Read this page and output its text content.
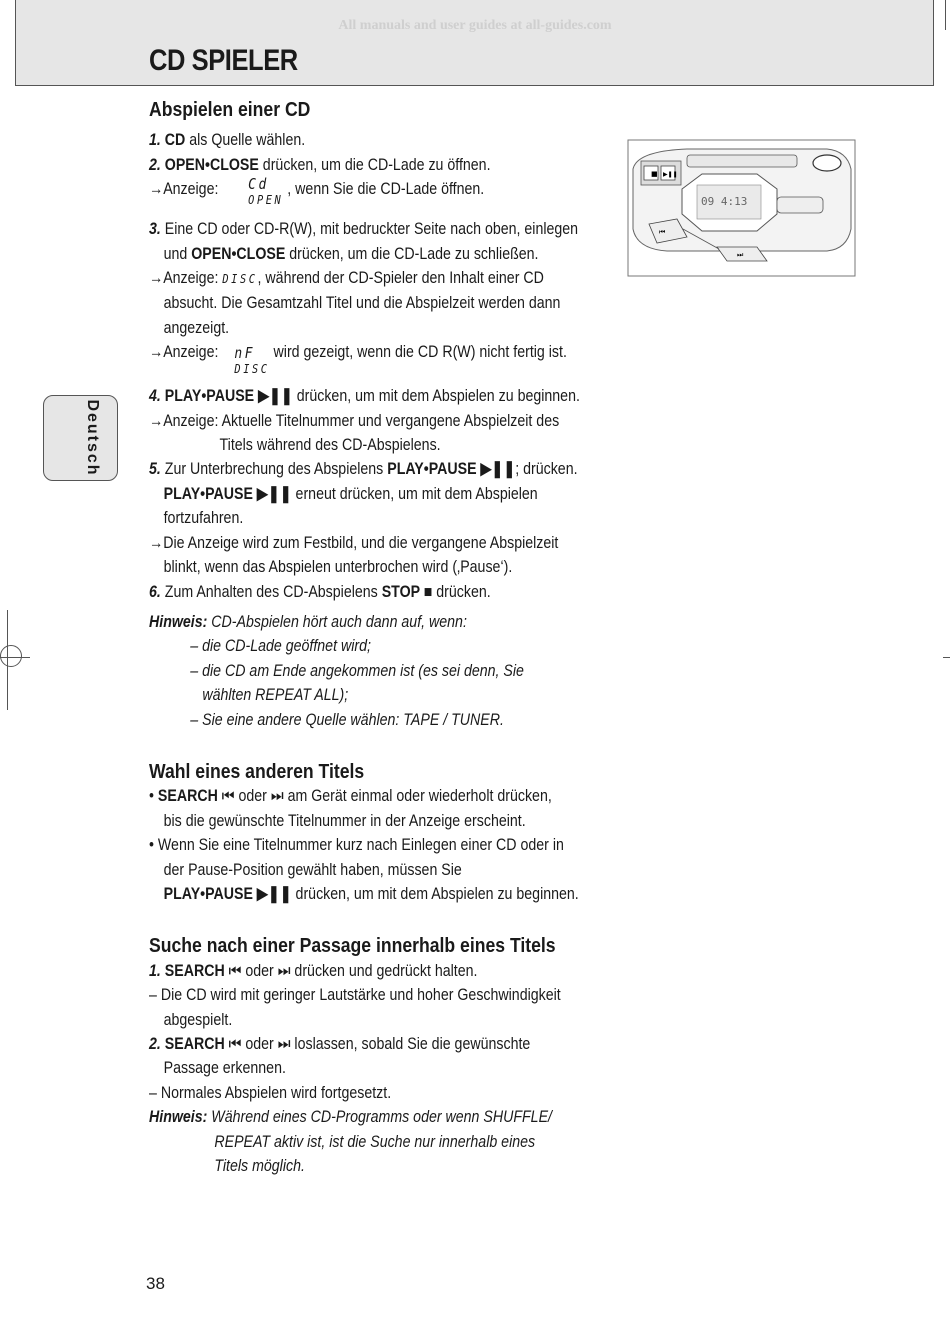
All manuals and user guides at all-guides.com
CD SPIELER
Deutsch
■ ▶❚❚
09 4:13
⏮
⏭
Abspielen einer CD
1. CD als Quelle wählen.
2. OPEN•CLOSE drücken, um die CD-Lade zu öffnen.
→Anzeige: Cd
OPEN , wenn Sie die CD-Lade öffnen.
3. Eine CD oder CD-R(W), mit bedruckter Seite nach oben, einlegen
und OPEN•CLOSE drücken, um die CD-Lade zu schließen.
→Anzeige: DISC, während der CD-Spieler den Inhalt einer CD
absucht. Die Gesamtzahl Titel und die Abspielzeit werden dann
angezeigt.
→Anzeige: nF
DISC wird gezeigt, wenn die CD R(W) nicht fertig ist.
4. PLAY•PAUSE ▶❚❚ drücken, um mit dem Abspielen zu beginnen.
→Anzeige: Aktuelle Titelnummer und vergangene Abspielzeit des
Titels während des CD-Abspielens.
5. Zur Unterbrechung des Abspielens PLAY•PAUSE ▶❚❚; drücken.
PLAY•PAUSE ▶❚❚ erneut drücken, um mit dem Abspielen
fortzufahren.
→Die Anzeige wird zum Festbild, und die vergangene Abspielzeit
blinkt, wenn das Abspielen unterbrochen wird (‚Pause‘).
6. Zum Anhalten des CD-Abspielens STOP ■ drücken.
Hinweis: CD-Abspielen hört auch dann auf, wenn:
– die CD-Lade geöffnet wird;
– die CD am Ende angekommen ist (es sei denn, Sie
wählten REPEAT ALL);
– Sie eine andere Quelle wählen: TAPE / TUNER.
Wahl eines anderen Titels
• SEARCH ⏮ oder ⏭ am Gerät einmal oder wiederholt drücken,
bis die gewünschte Titelnummer in der Anzeige erscheint.
• Wenn Sie eine Titelnummer kurz nach Einlegen einer CD oder in
der Pause-Position gewählt haben, müssen Sie
PLAY•PAUSE ▶❚❚ drücken, um mit dem Abspielen zu beginnen.
Suche nach einer Passage innerhalb eines Titels
1. SEARCH ⏮ oder ⏭ drücken und gedrückt halten.
– Die CD wird mit geringer Lautstärke und hoher Geschwindigkeit
abgespielt.
2. SEARCH ⏮ oder ⏭ loslassen, sobald Sie die gewünschte
Passage erkennen.
– Normales Abspielen wird fortgesetzt.
Hinweis: Während eines CD-Programms oder wenn SHUFFLE/
REPEAT aktiv ist, ist die Suche nur innerhalb eines
Titels möglich.
38
